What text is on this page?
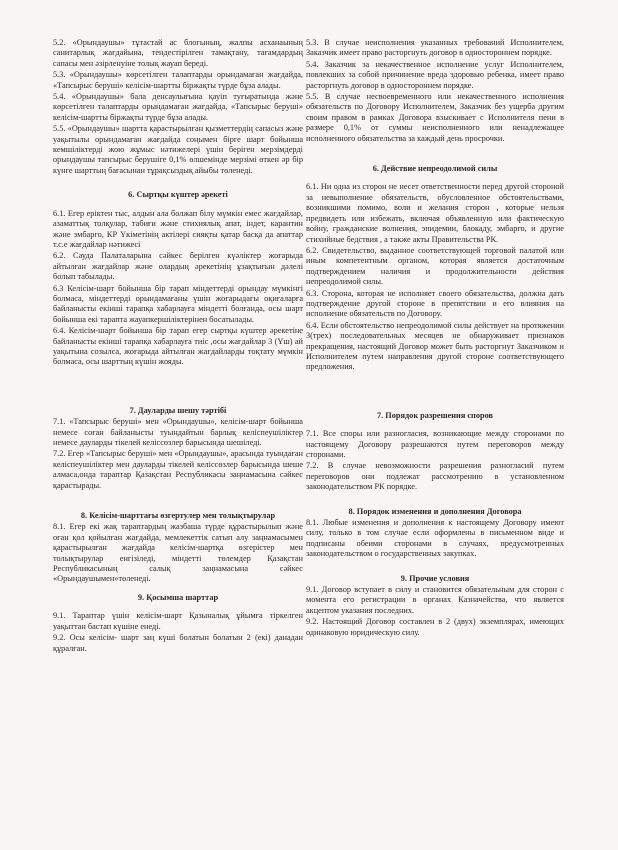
5.2. «Орындаушы» тұтастай ас блогының, жалпы асханаының санитарлық жағдайына, тендестірілген тамақтану, тағамдардың сапасы мен әзірленуіне толық жауап береді.

5.3. «Орындаушы» көрсетілген талаптарды орындамаған жағдайда, «Тапсырыс беруші» келісім-шартты біржақты түрде бұза алады.

5.4. «Орындаушы» бала денсаулығына қауіп туғыратында және көрсетілген талаптарды орындамаған жағдайда, «Тапсырыс беруші» келісім-шартты біржақты түрде бұза алады.

5.5. «Орындаушы» шартта қарастырылған қызметтердің сапасыз және уақытылы орындамаған жағдайда соңымен бірге шарт бойынша кемшіліктерді жою жұмыс нәтижелері үшін беріген мерзімдерді орындаушы тапсырыс берушіге 0,1% өлшемінде мерзімі өткен әр бір күнге шарттың бағасынан тұрақсыздық айыбы төленеді.

6. Сыртқы күштер әрекеті

6.1. Егер еріктен тыс, алдын ала болжап білу мүмкін емес жағдайлар, азаматтық толқулар, табиғи және стихиялық апат, індет, карантин және эмбарго, КР Үкіметінің актілері сияқты қатар басқа да апаттар т.с.е жағдайлар нәтижесі

6.2. Сауда Палаталарына сәйкес берілген күәліктер жоғарыда айтылған жағдайлар және олардың әрекетінің ұзақтығын дәлелі болып табылады.

6.3 Келісім-шарт бойынша бір тарап міндеттерді орындау мүмкінгі болмаса, міндеттерді орындамағаны үшін жоғарыдағы оқиғаларға байланысты екінші тарапқа хабарлауға міндетті болғанда, осы шарт бойынша екі тарапта жауапкершіліктерінен босатылады.

6.4. Келісім-шарт бойынша бір тарап егер сыртқы күштер әрекетіне байланысты екінші тарапқа хабарлауға тиіс ,осы жағдайлар 3 (Үш) ай уақытына созылса, жоғарыда айтылған жағдайларды тоқтату мүмкін болмаса, осы шарттың күшін жояды.

7. Дауларды шешу тәртібі

7.1. «Тапсырыс беруші» мен «Орындаушы», келісім-шарт бойынша немесе соған байланысты туындайтын барлық келіспеушіліктер немесе дауларды тікелей келіссөзлер барысында шешіледі.

7.2. Егер «Тапсырыс беруші» мен «Орындаушы», арасында туындаған келіспеушіліктер мен дауларды тікелей келіссөзлер барысында шеше алмаса,онда тараптар Қазақстан Республикасы заңнамасына сәйкес қарастырады.

8. Келісім-шарттағы өзгертулер мен толықтырулар

8.1. Егер екі жақ тараптардың жазбаша түрде құрастырылып және оған қол қойылған жағдайда, мемлекеттік сатып алу заңнамасымен қарастырылған жағдайда келісім-шартқа өзгерістер мен толықтырулар енгізіледі, міндетті төлемдер Қазақстан Республикасының салық заңнамасына сәйкес «Орындаушымен»төленеді.

9. Қосымша шарттар

9.1. Тараптар үшін келісім-шарт Қазыналық ұйымға тіркелген уақыттан бастап күшіне енеді.

9.2. Осы келісім- шарт заң күші болатын болатын 2 (екі) данадан құралған.

5.3. В случае неисполнения указанных требований Исполнителем, Заказчик имеет право расторгнуть договор в одностороннем порядке.

5.4. Заказчик за некачественное исполнение услуг Исполнителем, повлекших за собой причинение вреда здоровью ребенка, имеет право расторгнуть договор в одностороннем порядке.

5.5. В случае несвоевременного или некачественного исполнения обязательств по Договору Исполнителем, Заказчик без ущерба другим своим правом в рамках Договора взыскивает с Исполнителя пени в размере 0,1% от суммы неисполненного или ненадлежащее исполненного обязательства за каждый день просрочки.

6. Действие непреодолимой силы

6.1. Ни одна из сторон не несет ответственности перед другой стороной за невыполнение обязательств, обусловленное обстоятельствами, возникшими помимо, воли и желания сторон , которые нельзя предвидеть или избежать, включая объявленную или фактическую войну, гражданские волнения, эпидемии, блокаду, эмбарго, и другие стихийные бедствия , а также акты Правительства РК.

6.2. Свидетельство, выданное соответствующей торговой палатой или иным компетентным органом, которая является достаточным подтверждением наличия и продолжительности действия непреодолимой силы.

6.3. Сторона, которая не исполняет своего обязательства, должна дать подтверждение другой стороне в препятствии и его влияния на исполнение обязательств по Договору.

6.4. Если обстоятельство непреодолимой силы действует на протяжении 3(трех) последовательных месяцев не обнаруживает признаков прекращения, настоящий Договор может быть расторгнут Заказчиком и Исполнителем путем направления другой стороне соответствующего предложения.

7. Порядок разрешения споров

7.1. Все споры или разногласия, возникающие между сторонами по настоящему Договору разрешаются путем переговоров между сторонами.

7.2. В случае невозможности разрешения разногласий путем переговоров они подлежат рассмотрению в установленном законодательством РК порядке.

8. Порядок изменения и дополнения Договора

8.1. Любые изменения и дополнения к настоящему Договору имеют силу, только в том случае если оформлены в письменном виде и подписаны обеими сторонами в случаях, предусмотренных законодательством о государственных закупках.

9. Прочие условия

9.1. Договор вступает в силу и становится обязательным для сторон с момента его регистрации в органах Казначейства, что является акцептом указания последних.

9.2. Настоящий Договор составлен в 2 (двух) экземплярах, имеющих одинаковую юридическую силу.
